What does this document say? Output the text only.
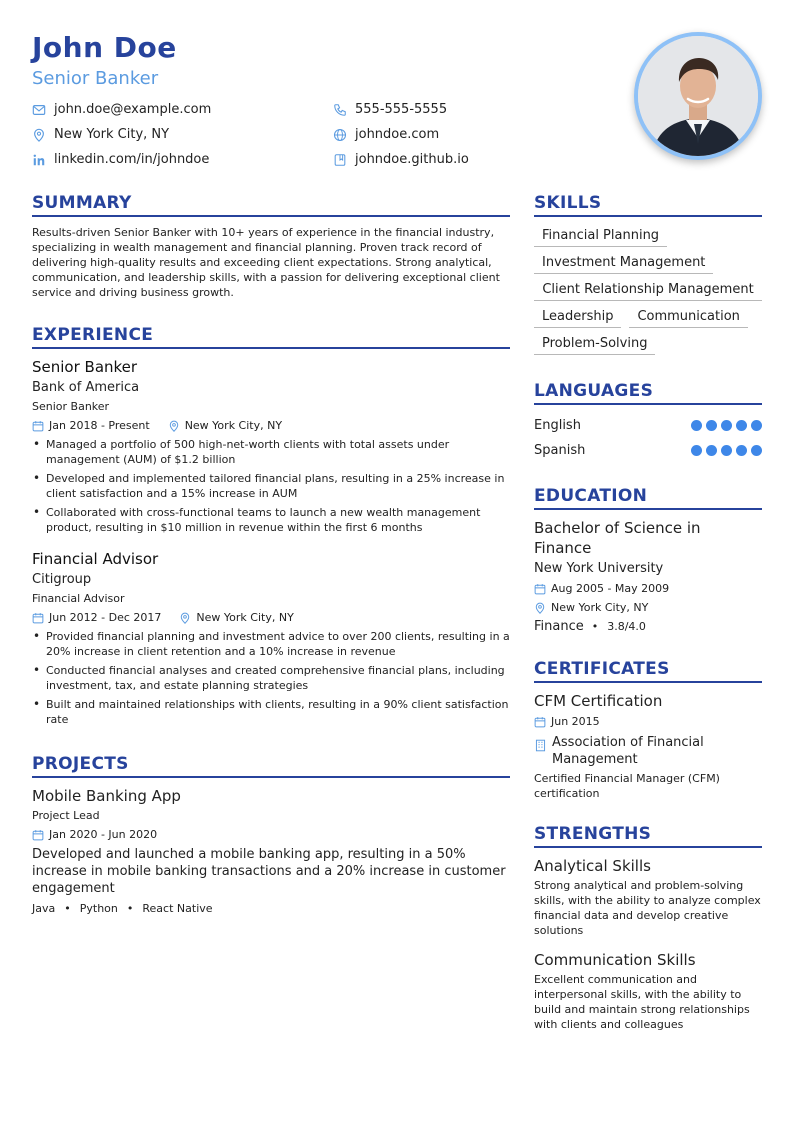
John Doe
Senior Banker
john.doe@example.com	555-555-5555
New York City, NY	johndoe.com
linkedin.com/in/johndoe	johndoe.github.io
SUMMARY
Results-driven Senior Banker with 10+ years of experience in the financial industry, specializing in wealth management and financial planning. Proven track record of delivering high-quality results and exceeding client expectations. Strong analytical, communication, and leadership skills, with a passion for delivering exceptional client service and driving business growth.
EXPERIENCE
Senior Banker
Bank of America
Senior Banker
Jan 2018 - Present	New York City, NY
• Managed a portfolio of 500 high-net-worth clients with total assets under management (AUM) of $1.2 billion
• Developed and implemented tailored financial plans, resulting in a 25% increase in client satisfaction and a 15% increase in AUM
• Collaborated with cross-functional teams to launch a new wealth management product, resulting in $10 million in revenue within the first 6 months
Financial Advisor
Citigroup
Financial Advisor
Jun 2012 - Dec 2017	New York City, NY
• Provided financial planning and investment advice to over 200 clients, resulting in a 20% increase in client retention and a 10% increase in revenue
• Conducted financial analyses and created comprehensive financial plans, including investment, tax, and estate planning strategies
• Built and maintained relationships with clients, resulting in a 90% client satisfaction rate
PROJECTS
Mobile Banking App
Project Lead
Jan 2020 - Jun 2020
Developed and launched a mobile banking app, resulting in a 50% increase in mobile banking transactions and a 20% increase in customer engagement
Java • Python • React Native
SKILLS
Financial Planning
Investment Management
Client Relationship Management
Leadership	Communication
Problem-Solving
LANGUAGES
English
Spanish
EDUCATION
Bachelor of Science in Finance
New York University
Aug 2005 - May 2009
New York City, NY
Finance • 3.8/4.0
CERTIFICATES
CFM Certification
Jun 2015
Association of Financial Management
Certified Financial Manager (CFM) certification
STRENGTHS
Analytical Skills
Strong analytical and problem-solving skills, with the ability to analyze complex financial data and develop creative solutions
Communication Skills
Excellent communication and interpersonal skills, with the ability to build and maintain strong relationships with clients and colleagues
